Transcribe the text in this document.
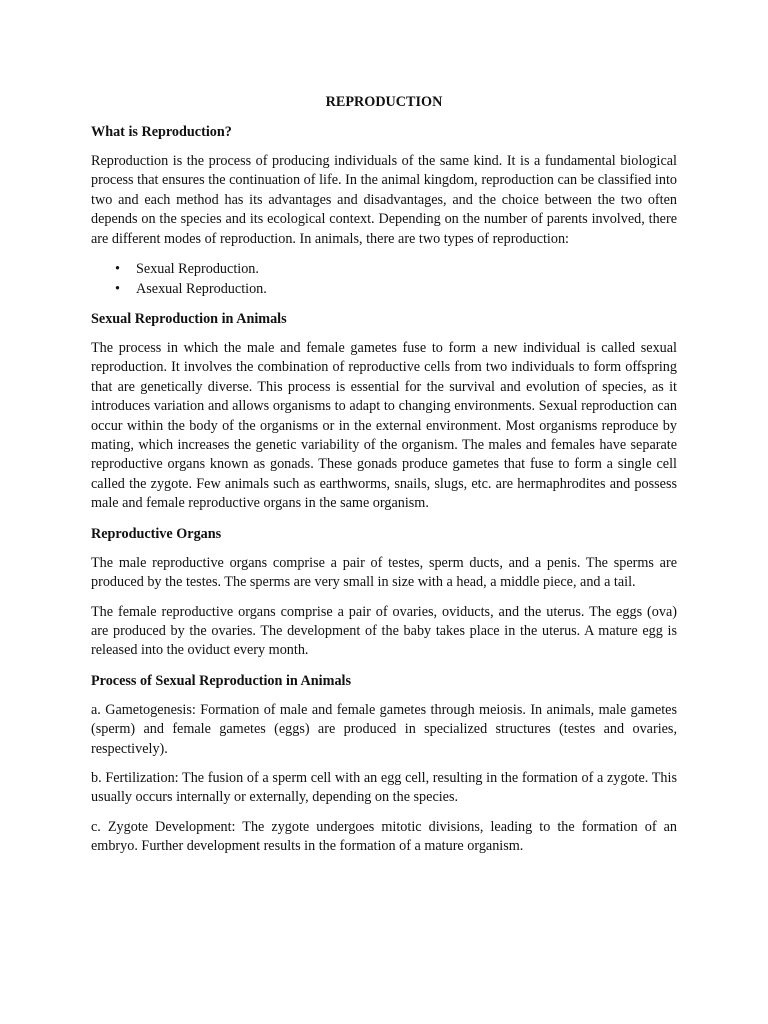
REPRODUCTION
What is Reproduction?
Reproduction is the process of producing individuals of the same kind. It is a fundamental biological process that ensures the continuation of life. In the animal kingdom, reproduction can be classified into two and each method has its advantages and disadvantages, and the choice between the two often depends on the species and its ecological context. Depending on the number of parents involved, there are different modes of reproduction. In animals, there are two types of reproduction:
• Sexual Reproduction.
• Asexual Reproduction.
Sexual Reproduction in Animals
The process in which the male and female gametes fuse to form a new individual is called sexual reproduction. It involves the combination of reproductive cells from two individuals to form offspring that are genetically diverse. This process is essential for the survival and evolution of species, as it introduces variation and allows organisms to adapt to changing environments. Sexual reproduction can occur within the body of the organisms or in the external environment. Most organisms reproduce by mating, which increases the genetic variability of the organism. The males and females have separate reproductive organs known as gonads. These gonads produce gametes that fuse to form a single cell called the zygote. Few animals such as earthworms, snails, slugs, etc. are hermaphrodites and possess male and female reproductive organs in the same organism.
Reproductive Organs
The male reproductive organs comprise a pair of testes, sperm ducts, and a penis. The sperms are produced by the testes. The sperms are very small in size with a head, a middle piece, and a tail.
The female reproductive organs comprise a pair of ovaries, oviducts, and the uterus. The eggs (ova) are produced by the ovaries. The development of the baby takes place in the uterus. A mature egg is released into the oviduct every month.
Process of Sexual Reproduction in Animals
a. Gametogenesis: Formation of male and female gametes through meiosis. In animals, male gametes (sperm) and female gametes (eggs) are produced in specialized structures (testes and ovaries, respectively).
b. Fertilization: The fusion of a sperm cell with an egg cell, resulting in the formation of a zygote. This usually occurs internally or externally, depending on the species.
c. Zygote Development: The zygote undergoes mitotic divisions, leading to the formation of an embryo. Further development results in the formation of a mature organism.
